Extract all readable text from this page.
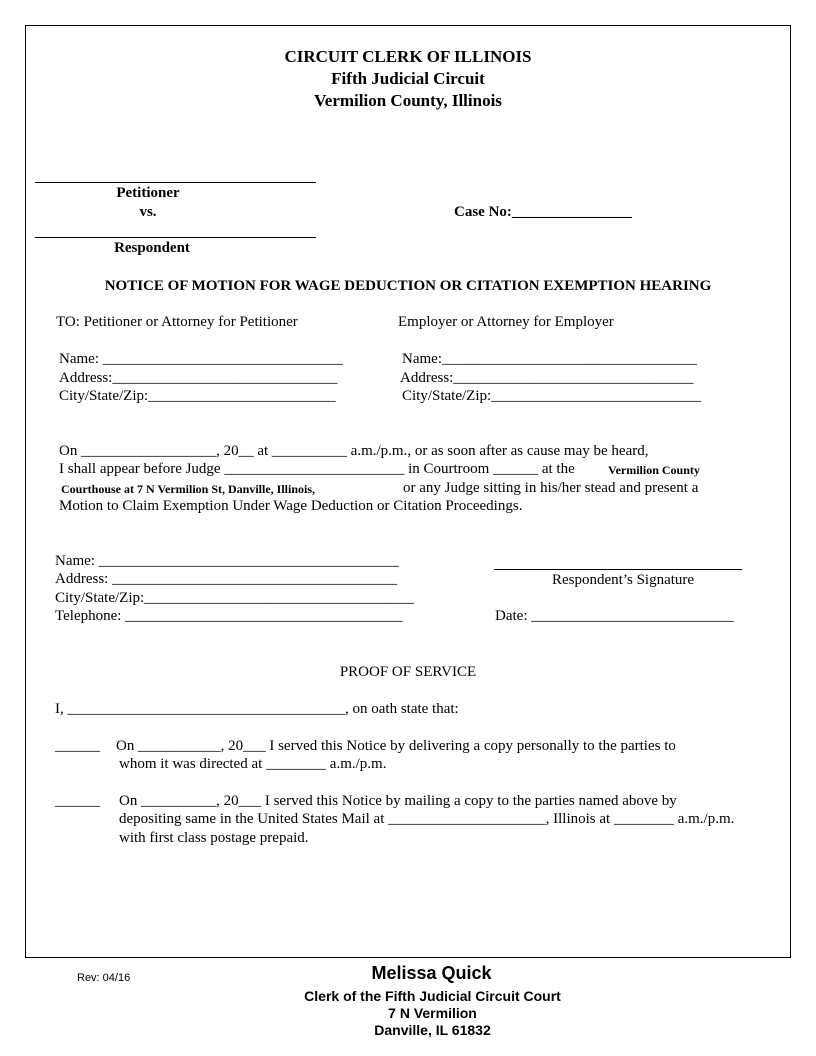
CIRCUIT CLERK OF ILLINOIS
Fifth Judicial Circuit
Vermilion County, Illinois
Petitioner
vs.	Case No:________________
Respondent
NOTICE OF MOTION FOR WAGE DEDUCTION OR CITATION EXEMPTION HEARING
TO: Petitioner or Attorney for Petitioner	Employer or Attorney for Employer
Name: ________________________________
Address:______________________________
City/State/Zip:_________________________
Name:__________________________________
Address:________________________________
City/State/Zip:____________________________
On __________________, 20__ at __________ a.m./p.m., or as soon after as cause may be heard,
I shall appear before Judge ________________________ in Courtroom ______ at the	Vermilion County
Courthouse at 7 N Vermilion St, Danville, Illinois,	or any Judge sitting in his/her stead and present a
Motion to Claim Exemption Under Wage Deduction or Citation Proceedings.
Name: ________________________________________
Address: ______________________________________
City/State/Zip:____________________________________
Telephone: _____________________________________
Respondent’s Signature
Date: ___________________________
PROOF OF SERVICE
I, _____________________________________, on oath state that:
______ On ___________, 20___ I served this Notice by delivering a copy personally to the parties to
whom it was directed at ________ a.m./p.m.
______ On __________, 20___ I served this Notice by mailing a copy to the parties named above by
depositing same in the United States Mail at _____________________, Illinois at ________ a.m./p.m.
with first class postage prepaid.
Rev: 04/16	Melissa Quick
Clerk of the Fifth Judicial Circuit Court
7 N Vermilion
Danville, IL 61832
